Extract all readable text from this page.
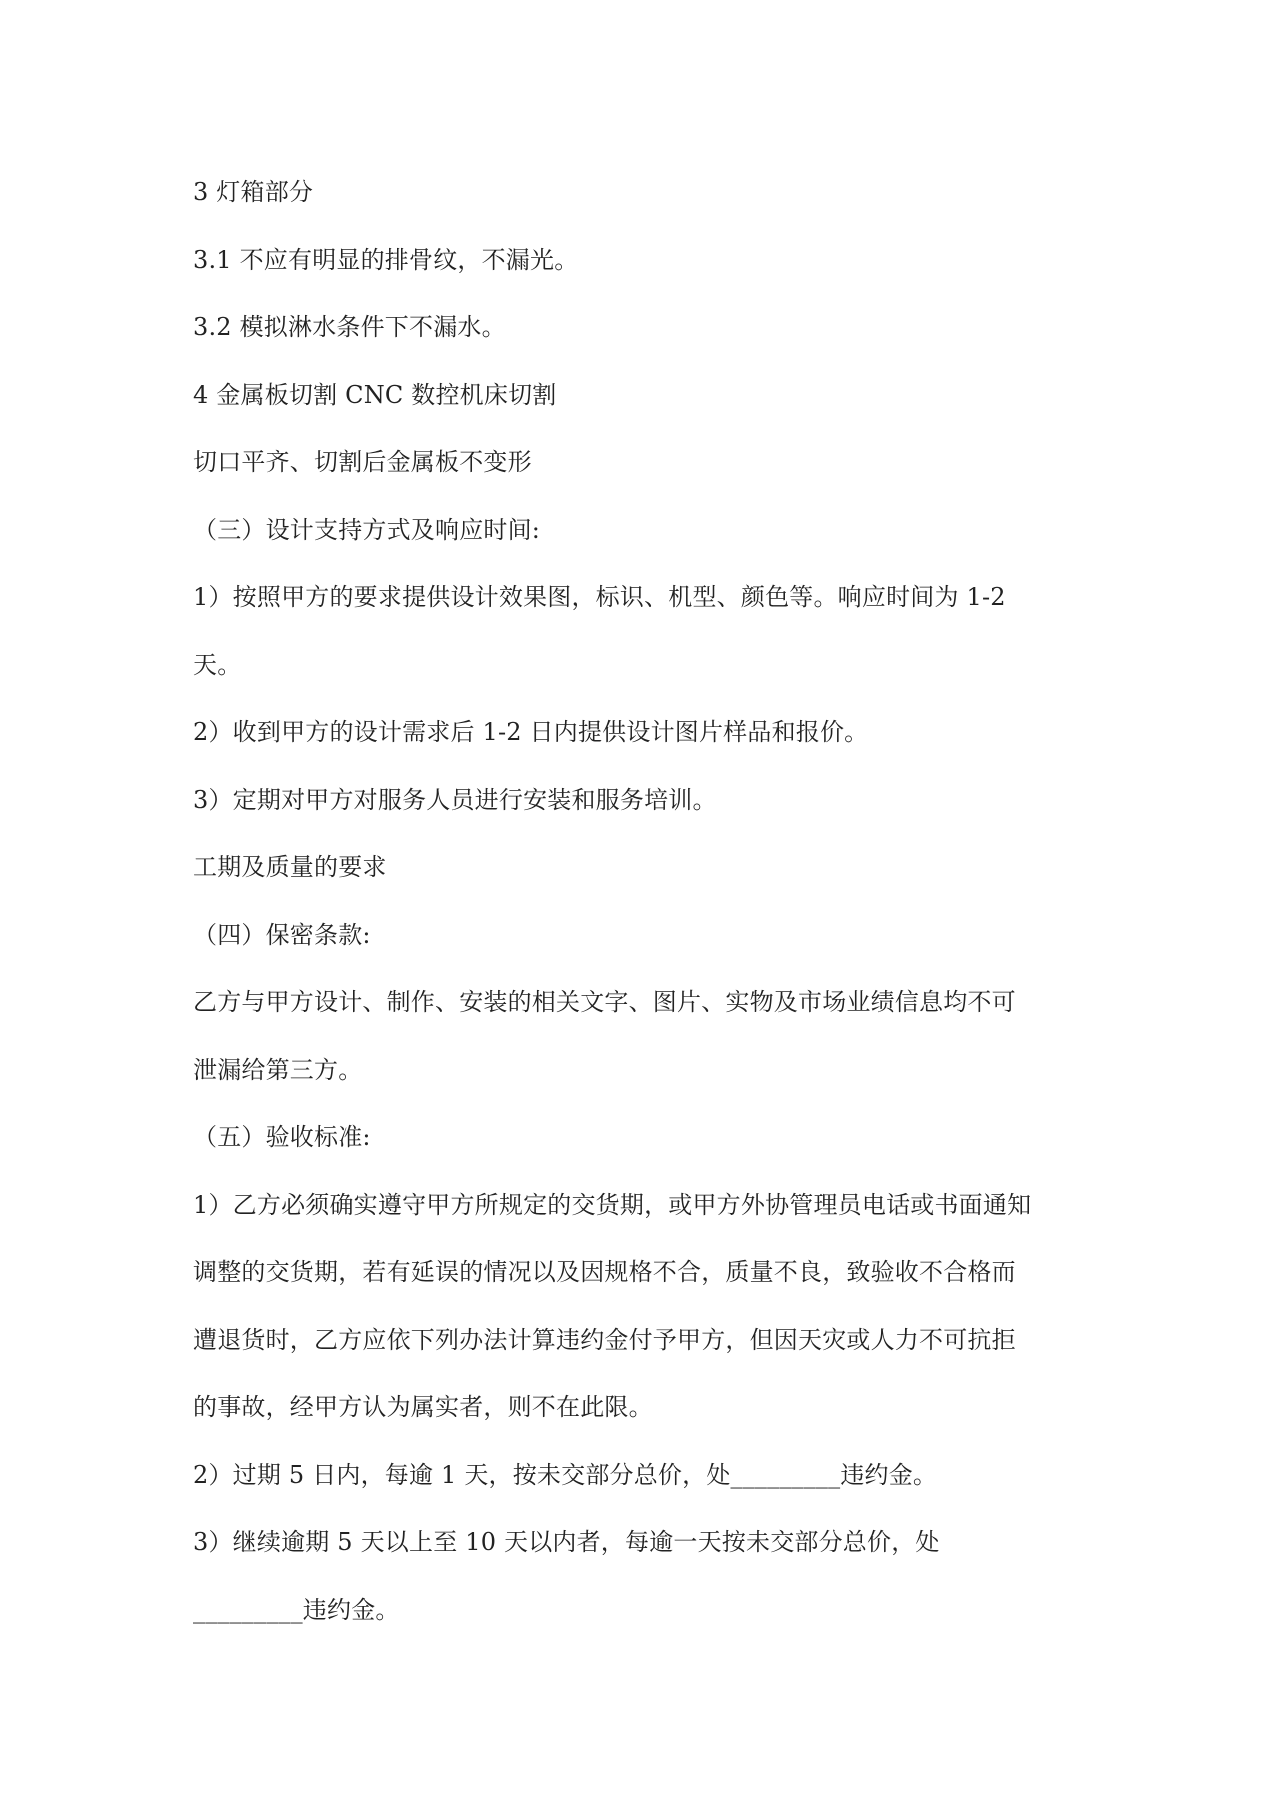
3 灯箱部分
3.1 不应有明显的排骨纹，不漏光。
3.2 模拟淋水条件下不漏水。
4 金属板切割 CNC 数控机床切割
切口平齐、切割后金属板不变形
（三）设计支持方式及响应时间:
1）按照甲方的要求提供设计效果图，标识、机型、颜色等。响应时间为 1-2
天。
2）收到甲方的设计需求后 1-2 日内提供设计图片样品和报价。
3）定期对甲方对服务人员进行安装和服务培训。
工期及质量的要求
（四）保密条款:
乙方与甲方设计、制作、安装的相关文字、图片、实物及市场业绩信息均不可
泄漏给第三方。
（五）验收标准:
1）乙方必须确实遵守甲方所规定的交货期，或甲方外协管理员电话或书面通知
调整的交货期，若有延误的情况以及因规格不合，质量不良，致验收不合格而
遭退货时，乙方应依下列办法计算违约金付予甲方，但因天灾或人力不可抗拒
的事故，经甲方认为属实者，则不在此限。
2）过期 5 日内，每逾 1 天，按未交部分总价，处_________违约金。
3）继续逾期 5 天以上至 10 天以内者，每逾一天按未交部分总价，处
_________违约金。
